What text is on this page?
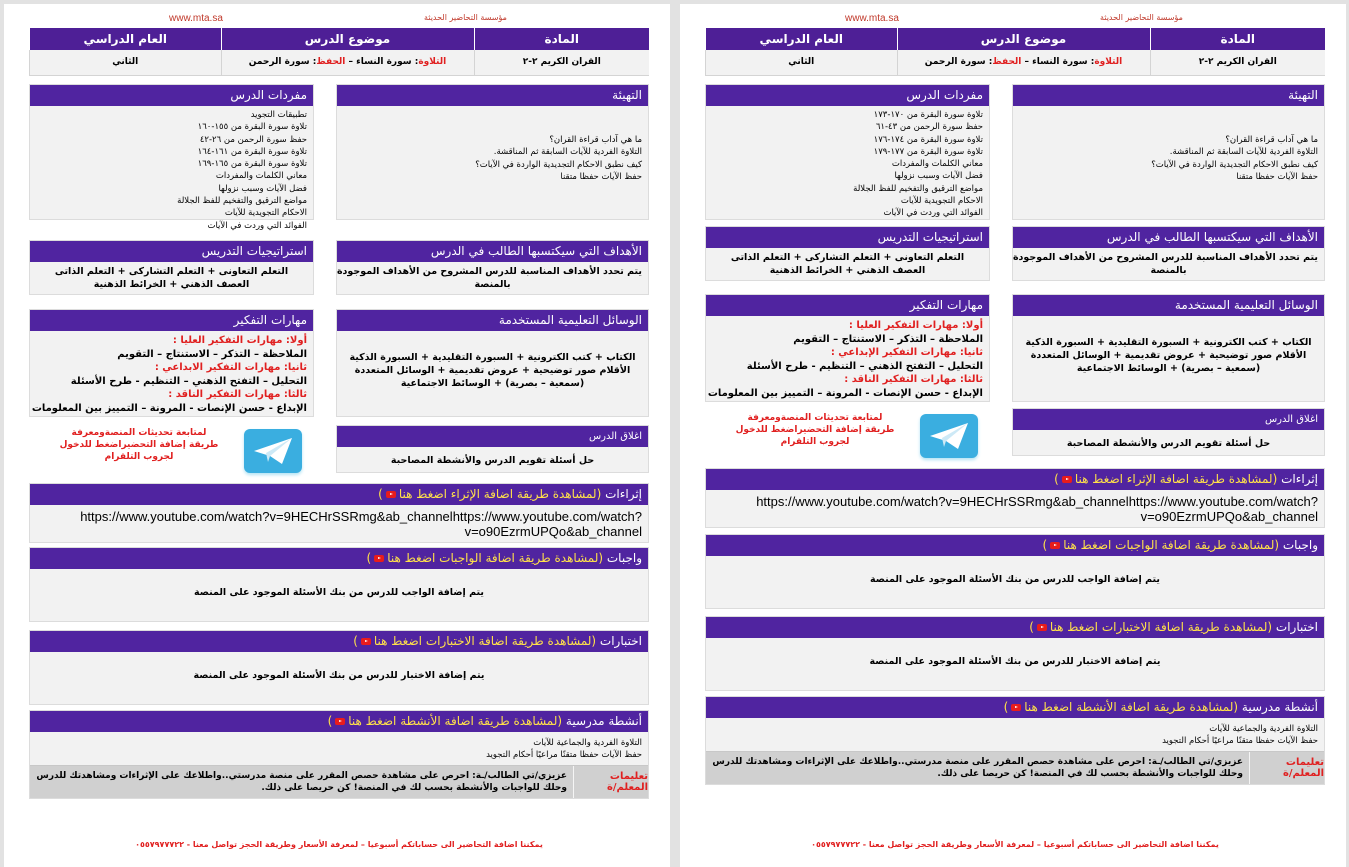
www.mta.sa	مؤسسة التحاضير الحديثة
المادة	موضوع الدرس	العام الدراسي
القران الكريم ٢-٢	التلاوة: سورة النساء – الحفظ: سورة الرحمن	الثاني
التهيئة
ما هي آداب قراءة القران؟
التلاوة الفردية للآيات السابقة ثم المناقشة.
كيف نطبق الاحكام التجديدية الواردة في الآيات؟
حفظ الآيات حفظا متقنا
مفردات الدرس
تطبيقات التجويد
تلاوة سورة البقرة من ١٥٥-١٦٠
حفظ سورة الرحمن من ٢٦-٤٢
تلاوة سورة البقرة من ١٦١-١٦٤
تلاوة سورة البقرة من ١٦٥-١٦٩
معاني الكلمات والمفردات
فضل الآيات وسبب نزولها
مواضع الترقيق والتفخيم للفظ الجلالة
الاحكام التجويدية للآيات
الفوائد التي وردت في الآيات
الأهداف التي سيكتسبها الطالب في الدرس
يتم تحدد الأهداف المناسبة للدرس المشروح من الأهداف الموجودة
بالمنصة
استراتيجيات التدريس
التعلم التعاونى + التعلم التشاركى + التعلم الذاتى
العصف الذهني + الخرائط الذهنية
الوسائل التعليمية المستخدمة
الكتاب + كتب الكترونية + السبورة التقليدية + السبورة الذكية
الأقلام صور توضيحية + عروض تقديمية + الوسائل المتعددة
(سمعية – بصرية) + الوسائط الاجتماعية
مهارات التفكير
أولا: مهارات التفكير العليا :
الملاحظة – التذكر – الاستنتاج – التقويم
ثانيا: مهارات التفكير الابداعي :
التحليل – التفتح الذهني – التنظيم - طرح الأسئلة
ثالثا: مهارات التفكير الناقد :
الإبداع - حسن الإنصات - المرونة – التمييز بين المعلومات
اغلاق الدرس
حل أسئلة تقويم الدرس والأنشطة المصاحبة
لمتابعة تحديثات المنصةومعرفة طريقة إضافة التحضيراضغط للدخول لجروب التلقرام
إثراءات (لمشاهدة طريقة اضافة الإثراء اضغط هنا)
https://www.youtube.com/watch?v=9HECHrSSRmg&ab_channelhttps://www.youtube.com/watch?v=o90EzrmUPQo&ab_channel
واجبات (لمشاهدة طريقة اضافة الواجبات اضغط هنا)
يتم إضافة الواجب للدرس من بنك الأسئلة الموجود على المنصة
اختبارات (لمشاهدة طريقة اضافة الاختبارات اضغط هنا)
يتم إضافة الاختبار للدرس من بنك الأسئلة الموجود على المنصة
أنشطة مدرسية (لمشاهدة طريقة اضافة الأنشطة اضغط هنا)
التلاوة الفردية والجماعية للآيات
حفظ الآيات حفظا متقنًا مراعيًا أحكام التجويد
تعليمات المعلم/ة
عزيزي/تي الطالب/ـة: احرص على مشاهدة حصص المقرر على منصة مدرستي..واطلاعك على الإثراءات ومشاهدتك للدرس وحلك للواجبات والأنشطة بحسب لك في المنصة! كن حريصا على ذلك.
يمكننا اضافة التحاضير الى حساباتكم أسبوعيا – لمعرفة الأسعار وطريقة الحجز تواصل معنا - ٠٥٥٧٩٧٧٧٢٢
www.mta.sa	مؤسسة التحاضير الحديثة
المادة	موضوع الدرس	العام الدراسي
القران الكريم ٢-٢	التلاوة: سورة النساء – الحفظ: سورة الرحمن	الثاني
التهيئة
ما هي آداب قراءة القران؟
التلاوة الفردية للآيات السابقة ثم المناقشة.
كيف نطبق الاحكام التجديدية الواردة في الآيات؟
حفظ الآيات حفظا متقنا
مفردات الدرس
تلاوة سورة البقرة من ١٧٠-١٧٣
حفظ سورة الرحمن من ٤٣-٦١
تلاوة سورة البقرة من ١٧٤-١٧٦
تلاوة سورة البقرة من ١٧٧-١٧٩
معاني الكلمات والمفردات
فضل الآيات وسبب نزولها
مواضع الترقيق والتفخيم للفظ الجلالة
الاحكام التجويدية للآيات
الفوائد التي وردت في الآيات
الأهداف التي سيكتسبها الطالب في الدرس
يتم تحدد الأهداف المناسبة للدرس المشروح من الأهداف الموجودة
بالمنصة
استراتيجيات التدريس
التعلم التعاونى + التعلم التشاركى + التعلم الذاتى
العصف الذهني + الخرائط الذهنية
الوسائل التعليمية المستخدمة
الكتاب + كتب الكترونية + السبورة التقليدية + السبورة الذكية
الأقلام صور توضيحية + عروض تقديمية + الوسائل المتعددة
(سمعية – بصرية) + الوسائط الاجتماعية
مهارات التفكير
أولا: مهارات التفكير العليا :
الملاحظة – التذكر – الاستنتاج – التقويم
ثانيا: مهارات التفكير الإبداعي :
التحليل – التفتح الذهني – التنظيم - طرح الأسئلة
ثالثا: مهارات التفكير الناقد :
الإبداع - حسن الإنصات - المرونة – التمييز بين المعلومات
اغلاق الدرس
حل أسئلة تقويم الدرس والأنشطة المصاحبة
لمتابعة تحديثات المنصةومعرفة طريقة إضافة التحضيراضغط للدخول لجروب التلقرام
إثراءات (لمشاهدة طريقة اضافة الإثراء اضغط هنا)
https://www.youtube.com/watch?v=9HECHrSSRmg&ab_channelhttps://www.youtube.com/watch?v=o90EzrmUPQo&ab_channel
واجبات (لمشاهدة طريقة اضافة الواجبات اضغط هنا)
يتم إضافة الواجب للدرس من بنك الأسئلة الموجود على المنصة
اختبارات (لمشاهدة طريقة اضافة الاختبارات اضغط هنا)
يتم إضافة الاختبار للدرس من بنك الأسئلة الموجود على المنصة
أنشطة مدرسية (لمشاهدة طريقة اضافة الأنشطة اضغط هنا)
التلاوة الفردية والجماعية للآيات
حفظ الآيات حفظا متقنًا مراعيًا أحكام التجويد
تعليمات المعلم/ة
عزيزي/تي الطالب/ـة: احرص على مشاهدة حصص المقرر على منصة مدرستي..واطلاعك على الإثراءات ومشاهدتك للدرس وحلك للواجبات والأنشطة بحسب لك في المنصة! كن حريصا على ذلك.
يمكننا اضافة التحاضير الى حساباتكم أسبوعيا – لمعرفة الأسعار وطريقة الحجز تواصل معنا - ٠٥٥٧٩٧٧٧٢٢
